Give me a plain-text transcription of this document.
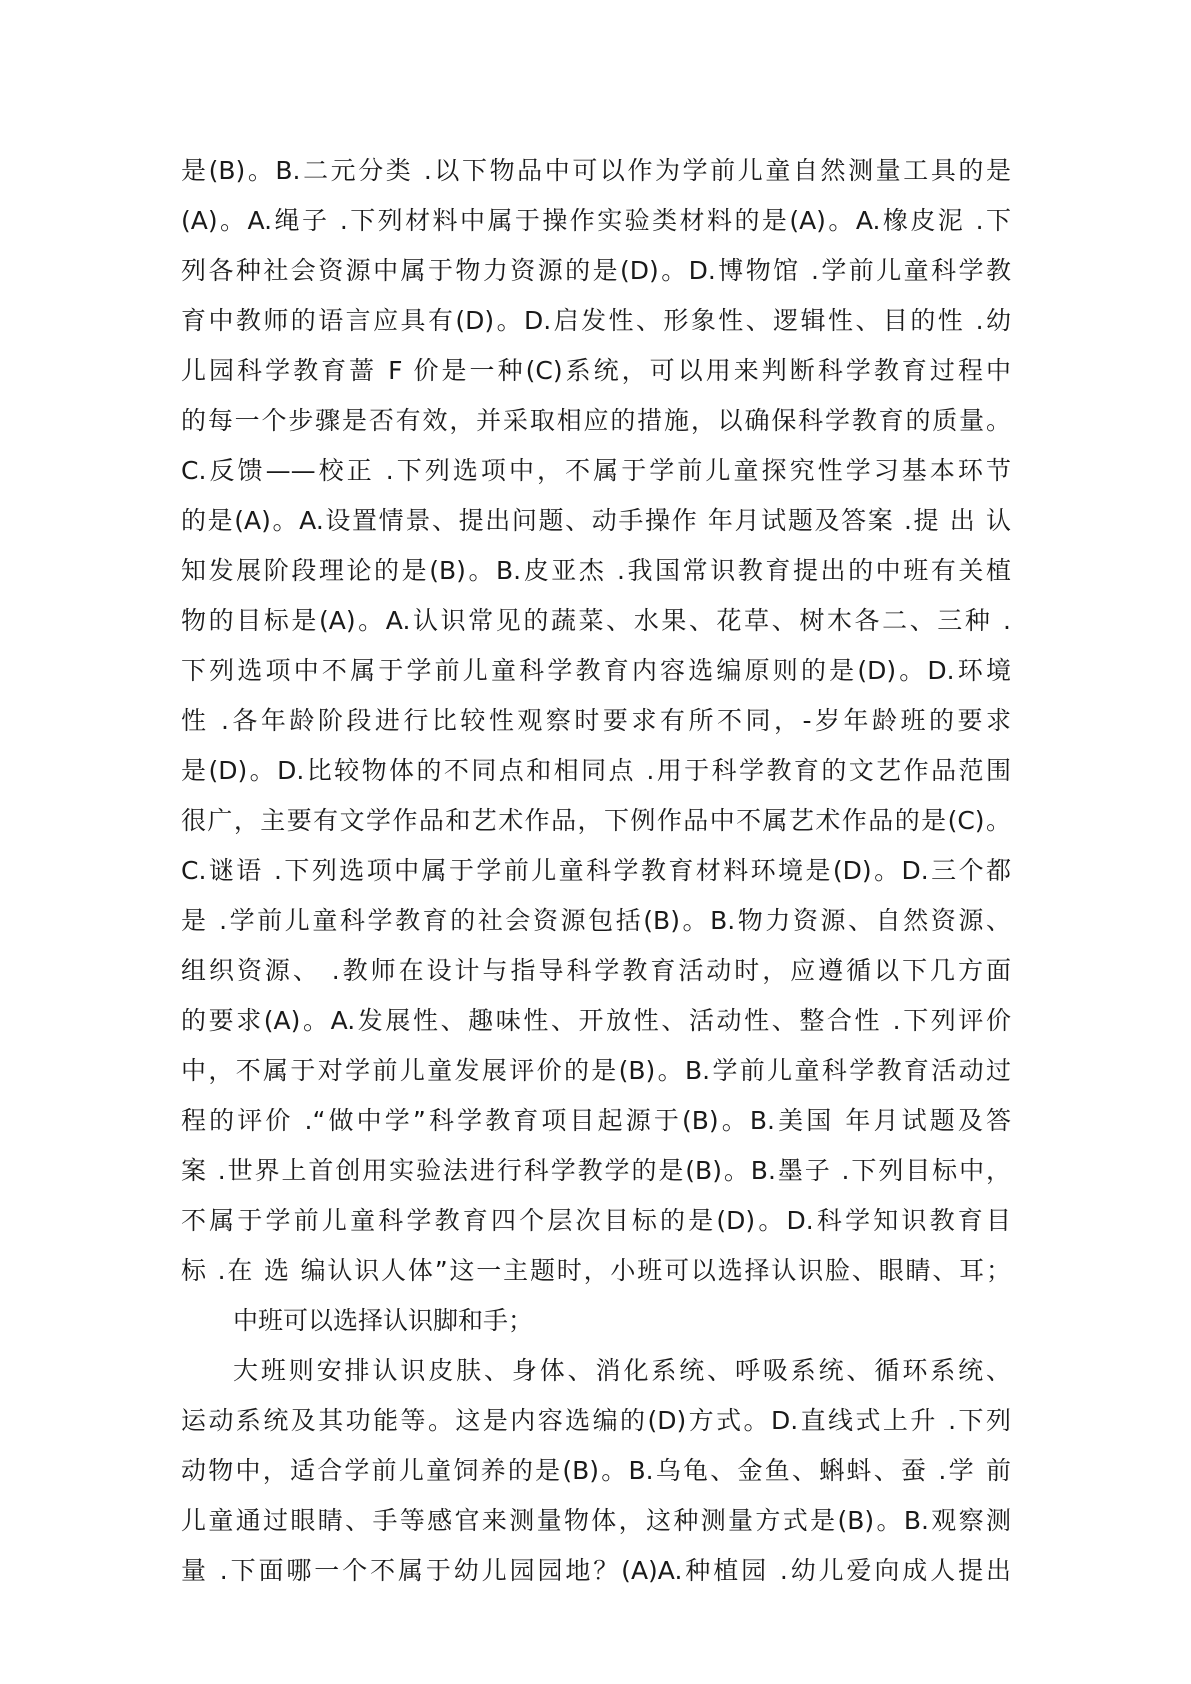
是(B)。B.二元分类 .以下物品中可以作为学前儿童自然测量工具的是
(A)。A.绳子 .下列材料中属于操作实验类材料的是(A)。A.橡皮泥 .下
列各种社会资源中属于物力资源的是(D)。D.博物馆 .学前儿童科学教
育中教师的语言应具有(D)。D.启发性、形象性、逻辑性、目的性 .幼
儿园科学教育蔷 F 价是一种(C)系统，可以用来判断科学教育过程中
的每一个步骤是否有效，并采取相应的措施，以确保科学教育的质量。
C.反馈——校正 .下列选项中，不属于学前儿童探究性学习基本环节
的是(A)。A.设置情景、提出问题、动手操作 年月试题及答案 .提 出 认
知发展阶段理论的是(B)。B.皮亚杰 .我国常识教育提出的中班有关植
物的目标是(A)。A.认识常见的蔬菜、水果、花草、树木各二、三种 .
下列选项中不属于学前儿童科学教育内容选编原则的是(D)。D.环境
性 .各年龄阶段进行比较性观察时要求有所不同，-岁年龄班的要求
是(D)。D.比较物体的不同点和相同点 .用于科学教育的文艺作品范围
很广，主要有文学作品和艺术作品，下例作品中不属艺术作品的是(C)。
C.谜语 .下列选项中属于学前儿童科学教育材料环境是(D)。D.三个都
是 .学前儿童科学教育的社会资源包括(B)。B.物力资源、自然资源、
组织资源、 .教师在设计与指导科学教育活动时，应遵循以下几方面
的要求(A)。A.发展性、趣味性、开放性、活动性、整合性 .下列评价
中，不属于对学前儿童发展评价的是(B)。B.学前儿童科学教育活动过
程的评价 .“做中学”科学教育项目起源于(B)。B.美国 年月试题及答
案 .世界上首创用实验法进行科学教学的是(B)。B.墨子 .下列目标中，
不属于学前儿童科学教育四个层次目标的是(D)。D.科学知识教育目
标 .在 选 编认识人体”这一主题时，小班可以选择认识脸、眼睛、耳；
中班可以选择认识脚和手；
大班则安排认识皮肤、身体、消化系统、呼吸系统、循环系统、
运动系统及其功能等。这是内容选编的(D)方式。D.直线式上升 .下列
动物中，适合学前儿童饲养的是(B)。B.乌龟、金鱼、蝌蚪、蚕 .学 前
儿童通过眼睛、手等感官来测量物体，这种测量方式是(B)。B.观察测
量 .下面哪一个不属于幼儿园园地？(A)A.种植园 .幼儿爱向成人提出
